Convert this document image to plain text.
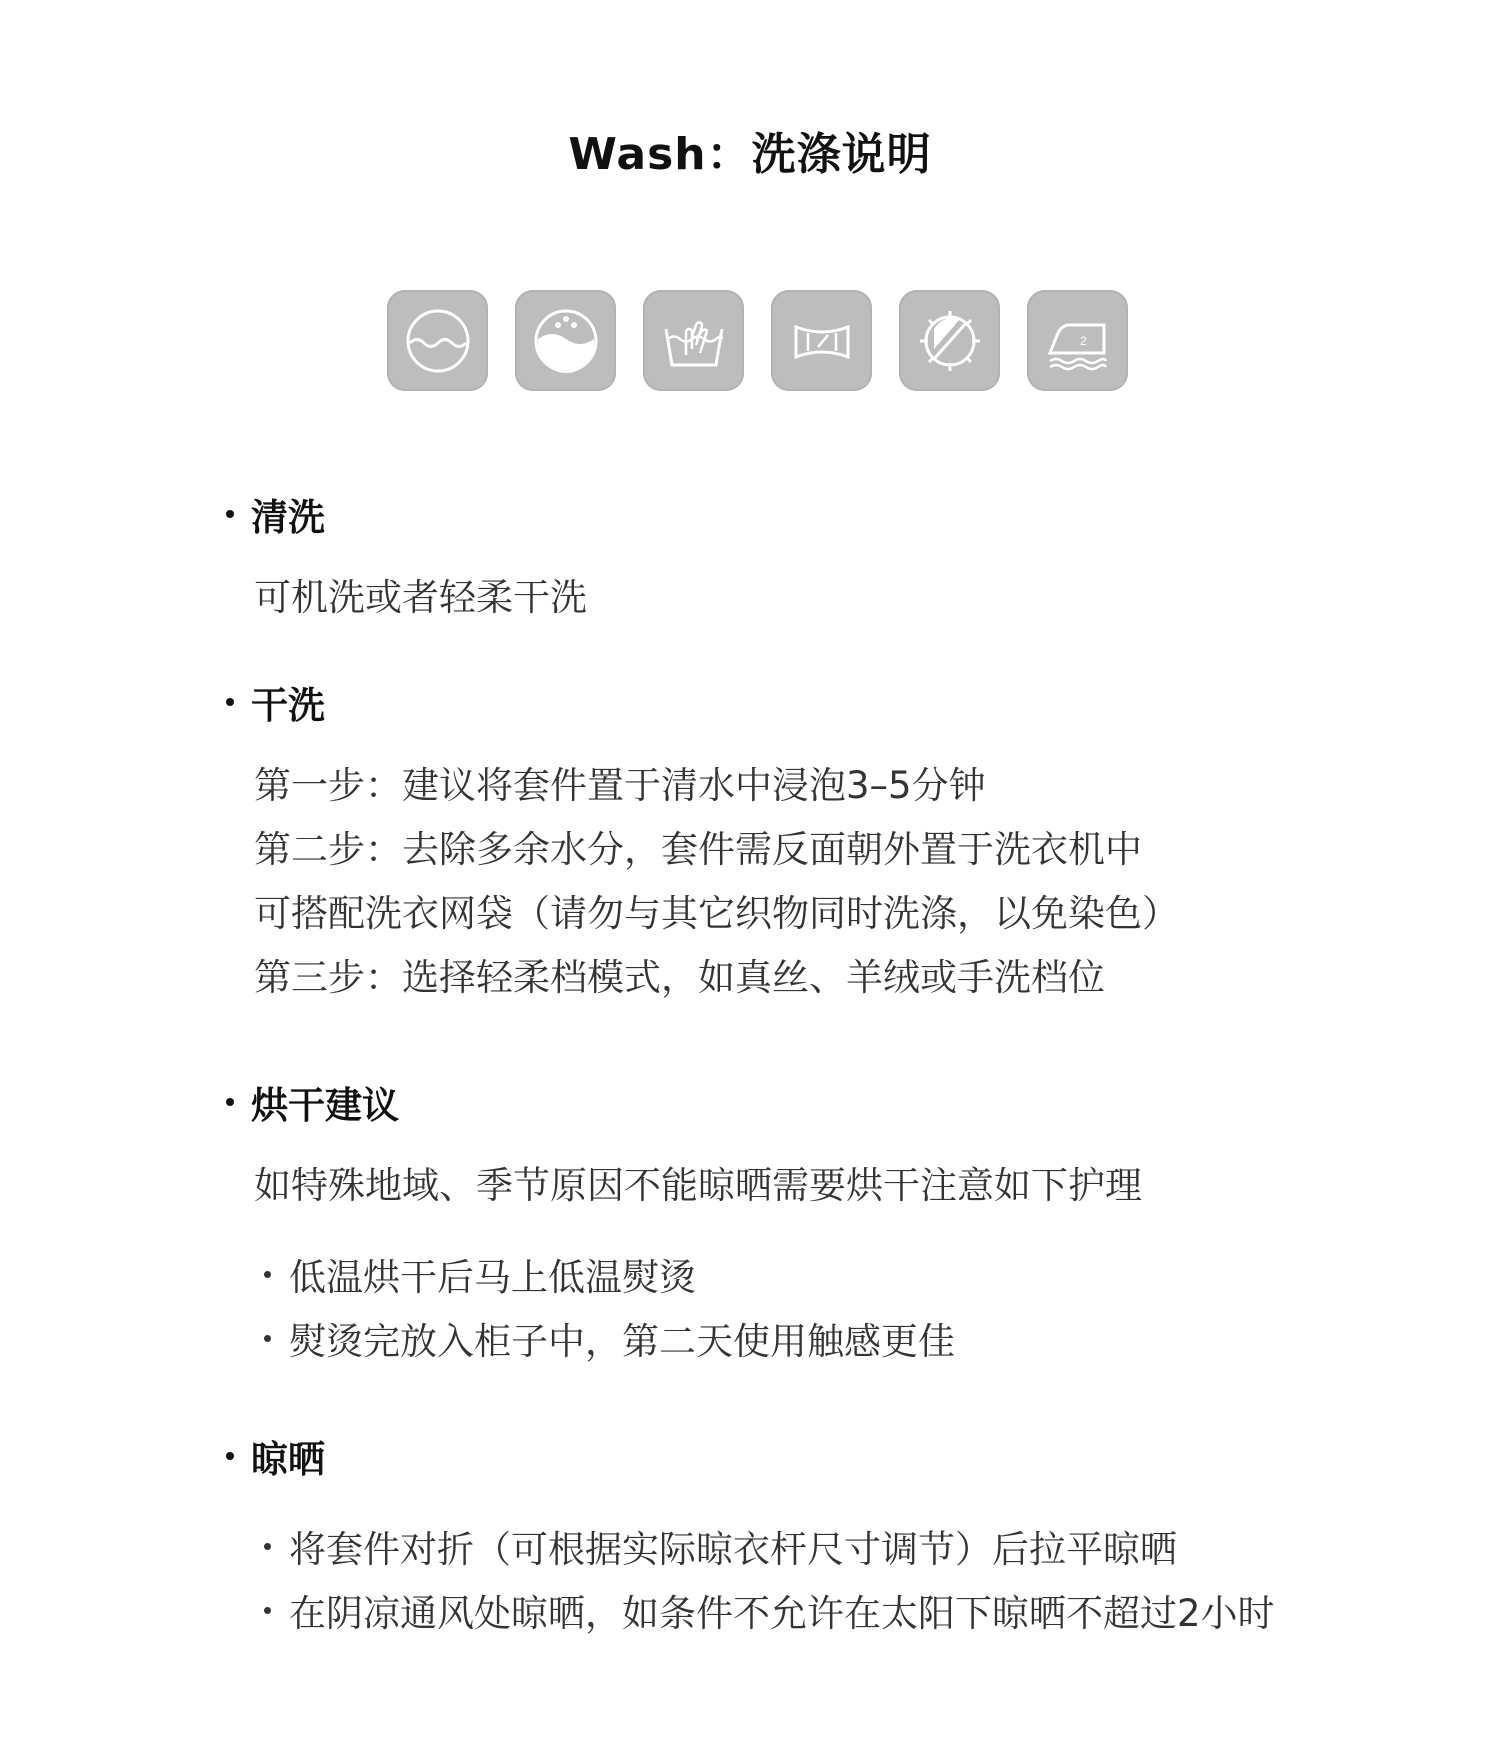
Wash：洗涤说明
2
清洗
可机洗或者轻柔干洗
干洗
第一步：建议将套件置于清水中浸泡3–5分钟
第二步：去除多余水分，套件需反面朝外置于洗衣机中
可搭配洗衣网袋（请勿与其它织物同时洗涤，以免染色）
第三步：选择轻柔档模式，如真丝、羊绒或手洗档位
烘干建议
如特殊地域、季节原因不能晾晒需要烘干注意如下护理
低温烘干后马上低温熨烫
熨烫完放入柜子中，第二天使用触感更佳
晾晒
将套件对折（可根据实际晾衣杆尺寸调节）后拉平晾晒
在阴凉通风处晾晒，如条件不允许在太阳下晾晒不超过2小时
